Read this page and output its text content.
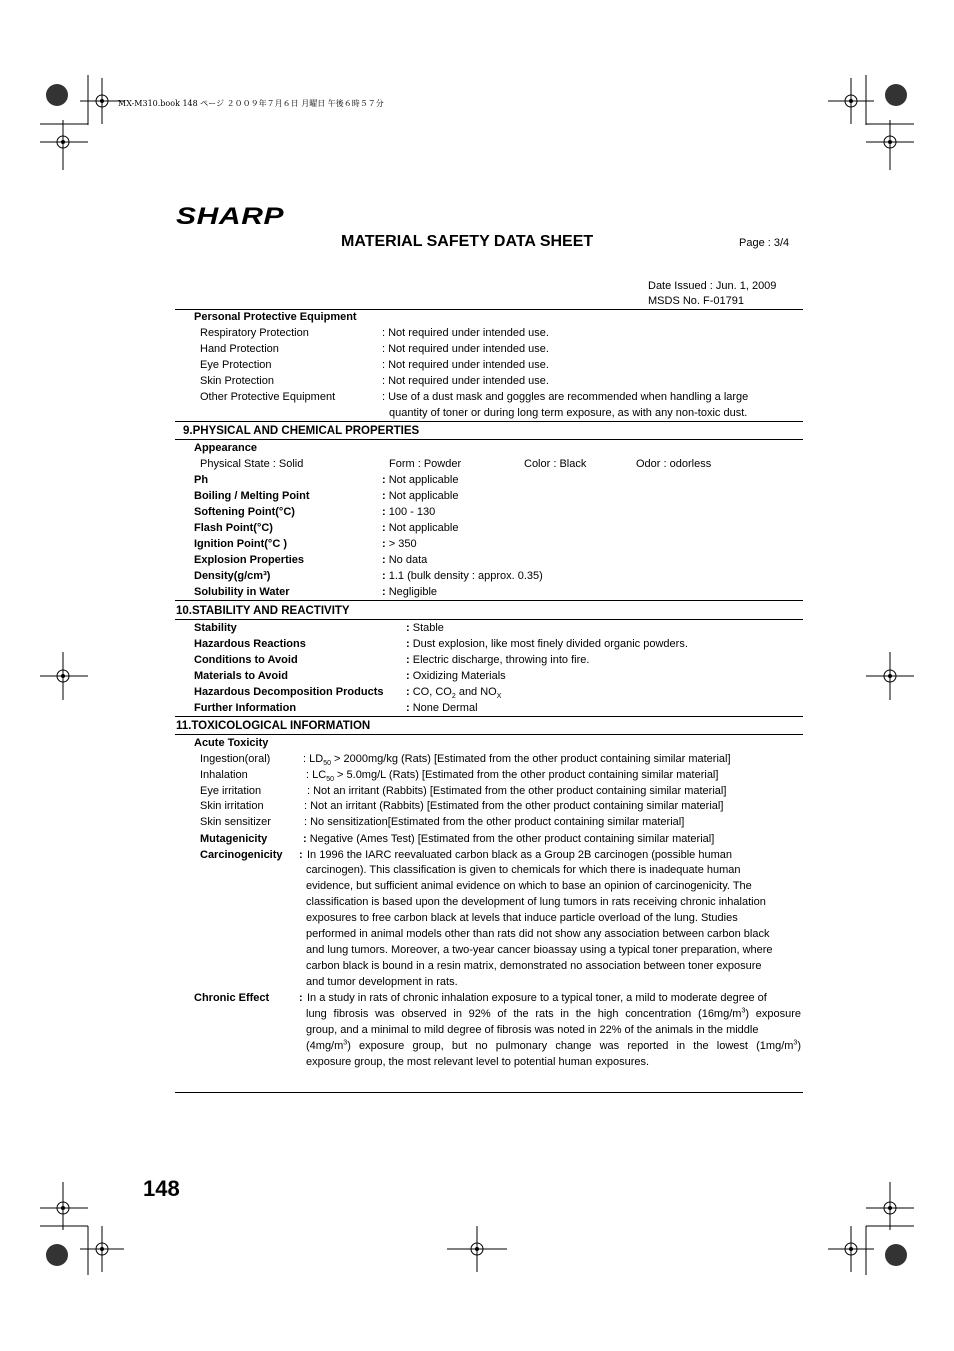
MX-M310.book 148 ページ ２００９年７月６日 月曜日 午後６時５７分
SHARP
MATERIAL SAFETY DATA SHEET	Page : 3/4
Date Issued : Jun. 1, 2009
MSDS No. F-01791
Personal Protective Equipment
Respiratory Protection	: Not required under intended use.
Hand Protection	: Not required under intended use.
Eye Protection	: Not required under intended use.
Skin Protection	: Not required under intended use.
Other Protective Equipment	: Use of a dust mask and goggles are recommended when handling a large
quantity of toner or during long term exposure, as with any non-toxic dust.
9.PHYSICAL AND CHEMICAL PROPERTIES
Appearance
Physical State : Solid	Form : Powder	Color : Black	Odor : odorless
Ph	: Not applicable
Boiling / Melting Point	: Not applicable
Softening Point(°C)	: 100 - 130
Flash Point(°C)	: Not applicable
Ignition Point(°C )	: > 350
Explosion Properties	: No data
Density(g/cm³)	: 1.1 (bulk density : approx. 0.35)
Solubility in Water	: Negligible
10.STABILITY AND REACTIVITY
Stability	: Stable
Hazardous Reactions	: Dust explosion, like most finely divided organic powders.
Conditions to Avoid	: Electric discharge, throwing into fire.
Materials to Avoid	: Oxidizing Materials
Hazardous Decomposition Products : CO, $CO_2$ and $NO_X$
Further Information	: None Dermal
11.TOXICOLOGICAL INFORMATION
Acute Toxicity
Ingestion(oral)	: $LD_{50} > 2000mg/kg$ (Rats) [Estimated from the other product containing similar material]
Inhalation	: $LC_{50} > 5.0mg/L$ (Rats) [Estimated from the other product containing similar material]
Eye irritation	: Not an irritant (Rabbits) [Estimated from the other product containing similar material]
Skin irritation	: Not an irritant (Rabbits) [Estimated from the other product containing similar material]
Skin sensitizer	: No sensitization[Estimated from the other product containing similar material]
Mutagenicity	: Negative (Ames Test) [Estimated from the other product containing similar material]
Carcinogenicity : In 1996 the IARC reevaluated carbon black as a Group 2B carcinogen (possible human
carcinogen). This classification is given to chemicals for which there is inadequate human
evidence, but sufficient animal evidence on which to base an opinion of carcinogenicity. The
classification is based upon the development of lung tumors in rats receiving chronic inhalation
exposures to free carbon black at levels that induce particle overload of the lung. Studies
performed in animal models other than rats did not show any association between carbon black
and lung tumors. Moreover, a two-year cancer bioassay using a typical toner preparation, where
carbon black is bound in a resin matrix, demonstrated no association between toner exposure
and tumor development in rats.
Chronic Effect	: In a study in rats of chronic inhalation exposure to a typical toner, a mild to moderate degree of
lung fibrosis was observed in 92% of the rats in the high concentration $(16mg/m^3)$ exposure
group, and a minimal to mild degree of fibrosis was noted in 22% of the animals in the middle
$(4mg/m^3)$ exposure group, but no pulmonary change was reported in the lowest $(1mg/m^3)$
exposure group, the most relevant level to potential human exposures.
148
